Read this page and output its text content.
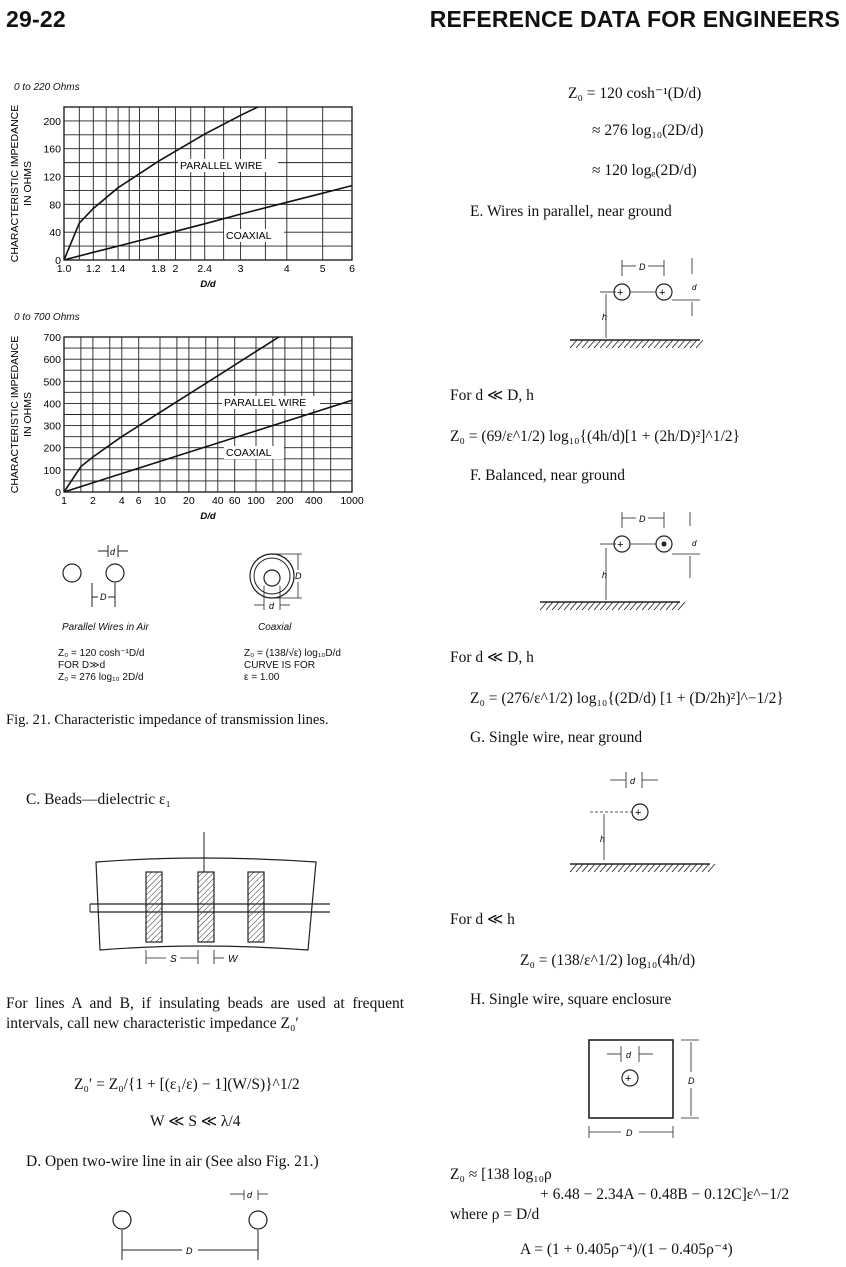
29-22	REFERENCE DATA FOR ENGINEERS
0 to 220 Ohms
0
40
80
120
160
200
1.0 1.2 1.4 1.8 2 2.4 3	4	5 6
D/d
CHARACTERISTIC IMPEDANCE IN OHMS	PARALLEL WIRE
COAXIAL
0 to 700 Ohms
0
100
200
300
400
500
600
700
1 2 4 6 10 20 40 60 100 200 400 1000
D/d
CHARACTERISTIC IMPEDANCE IN OHMS	PARALLEL WIRE
COAXIAL
d
D
Parallel Wires in Air
D
d
Coaxial
Z₀ = 120 cosh⁻¹D/d
FOR D≫d
Z₀ ≈ 276 log₁₀ 2D/d
Z₀ = (138/√ε) log₁₀D/d
CURVE IS FOR
ε = 1.00
Fig. 21. Characteristic impedance of transmission lines.
C. Beads—dielectric ε₁
S	W
For lines A and B, if insulating beads are used at frequent intervals, call new characteristic impedance Z₀′
Z₀′ = Z₀/{1 + [(ε₁/ε) − 1](W/S)}^1/2
W ≪ S ≪ λ/4
D. Open two-wire line in air (See also Fig. 21.)
d
D
Z₀ = 120 cosh⁻¹(D/d)
≈ 276 log₁₀(2D/d)
≈ 120 logₑ(2D/d)
E. Wires in parallel, near ground
D
+	+	d
h
For d ≪ D, h
Z₀ = (69/ε^1/2) log₁₀{(4h/d)[1 + (2h/D)²]^1/2}
F. Balanced, near ground
D
+	d
h
For d ≪ D, h
Z₀ = (276/ε^1/2) log₁₀{(2D/d) [1 + (D/2h)²]^−1/2}
G. Single wire, near ground
d
+
h
For d ≪ h
Z₀ = (138/ε^1/2) log₁₀(4h/d)
H. Single wire, square enclosure
d
+	D
D
Z₀ ≈ [138 log₁₀ρ
+ 6.48 − 2.34A − 0.48B − 0.12C]ε^−1/2
where ρ = D/d
A = (1 + 0.405ρ⁻⁴)/(1 − 0.405ρ⁻⁴)
